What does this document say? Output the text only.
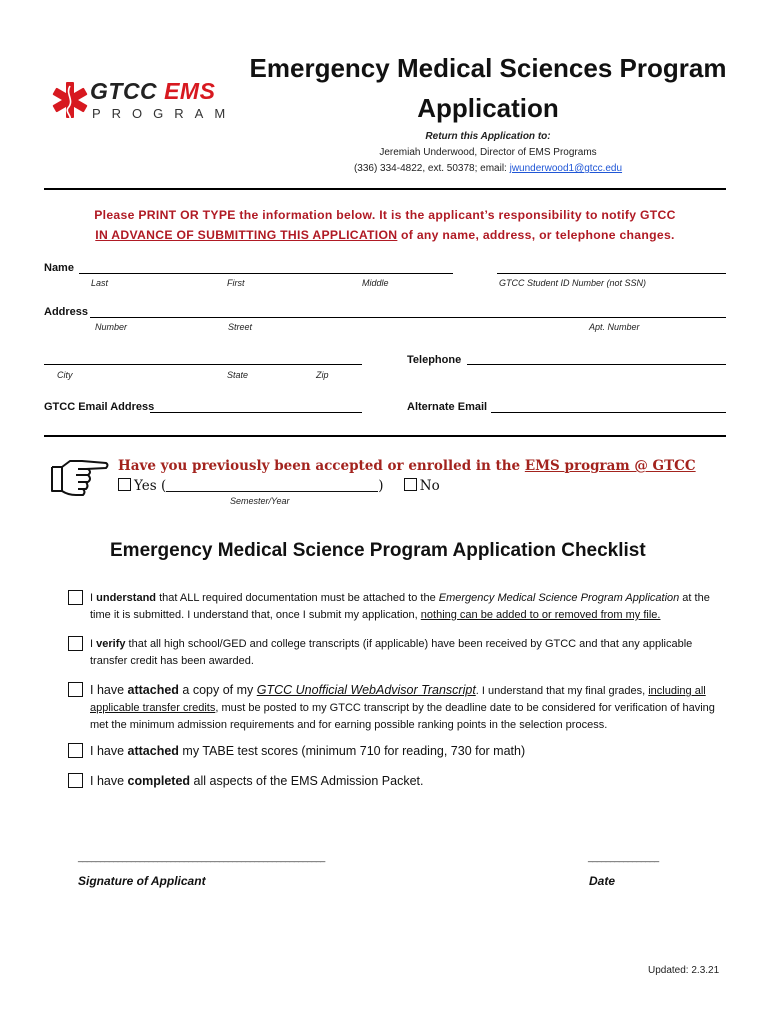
GTCC EMS
PROGRAM
Emergency Medical Sciences Program
Application
Return this Application to:
Jeremiah Underwood, Director of EMS Programs
(336) 334-4822, ext. 50378; email: jwunderwood1@gtcc.edu
Please PRINT OR TYPE the information below. It is the applicant’s responsibility to notify GTCC
IN ADVANCE OF SUBMITTING THIS APPLICATION of any name, address, or telephone changes.
Name
Last	First	Middle	GTCC Student ID Number (not SSN)
Address
Number	Street	Apt. Number
Telephone
City	State	Zip
GTCC Email Address	Alternate Email
Have you previously been accepted or enrolled in the EMS program @ GTCC
Yes (	)	No
Semester/Year
Emergency Medical Science Program Application Checklist
I understand that ALL required documentation must be attached to the Emergency Medical Science Program Application at the time it is submitted. I understand that, once I submit my application, nothing can be added to or removed from my file.
I verify that all high school/GED and college transcripts (if applicable) have been received by GTCC and that any applicable transfer credit has been awarded.
I have attached a copy of my GTCC Unofficial WebAdvisor Transcript. I understand that my final grades, including all applicable transfer credits, must be posted to my GTCC transcript by the deadline date to be considered for verification of having met the minimum admission requirements and for earning possible ranking points in the selection process.
I have attached my TABE test scores (minimum 710 for reading, 730 for math)
I have completed all aspects of the EMS Admission Packet.
________________________________________________________
Signature of Applicant
________________
Date
Updated: 2.3.21
